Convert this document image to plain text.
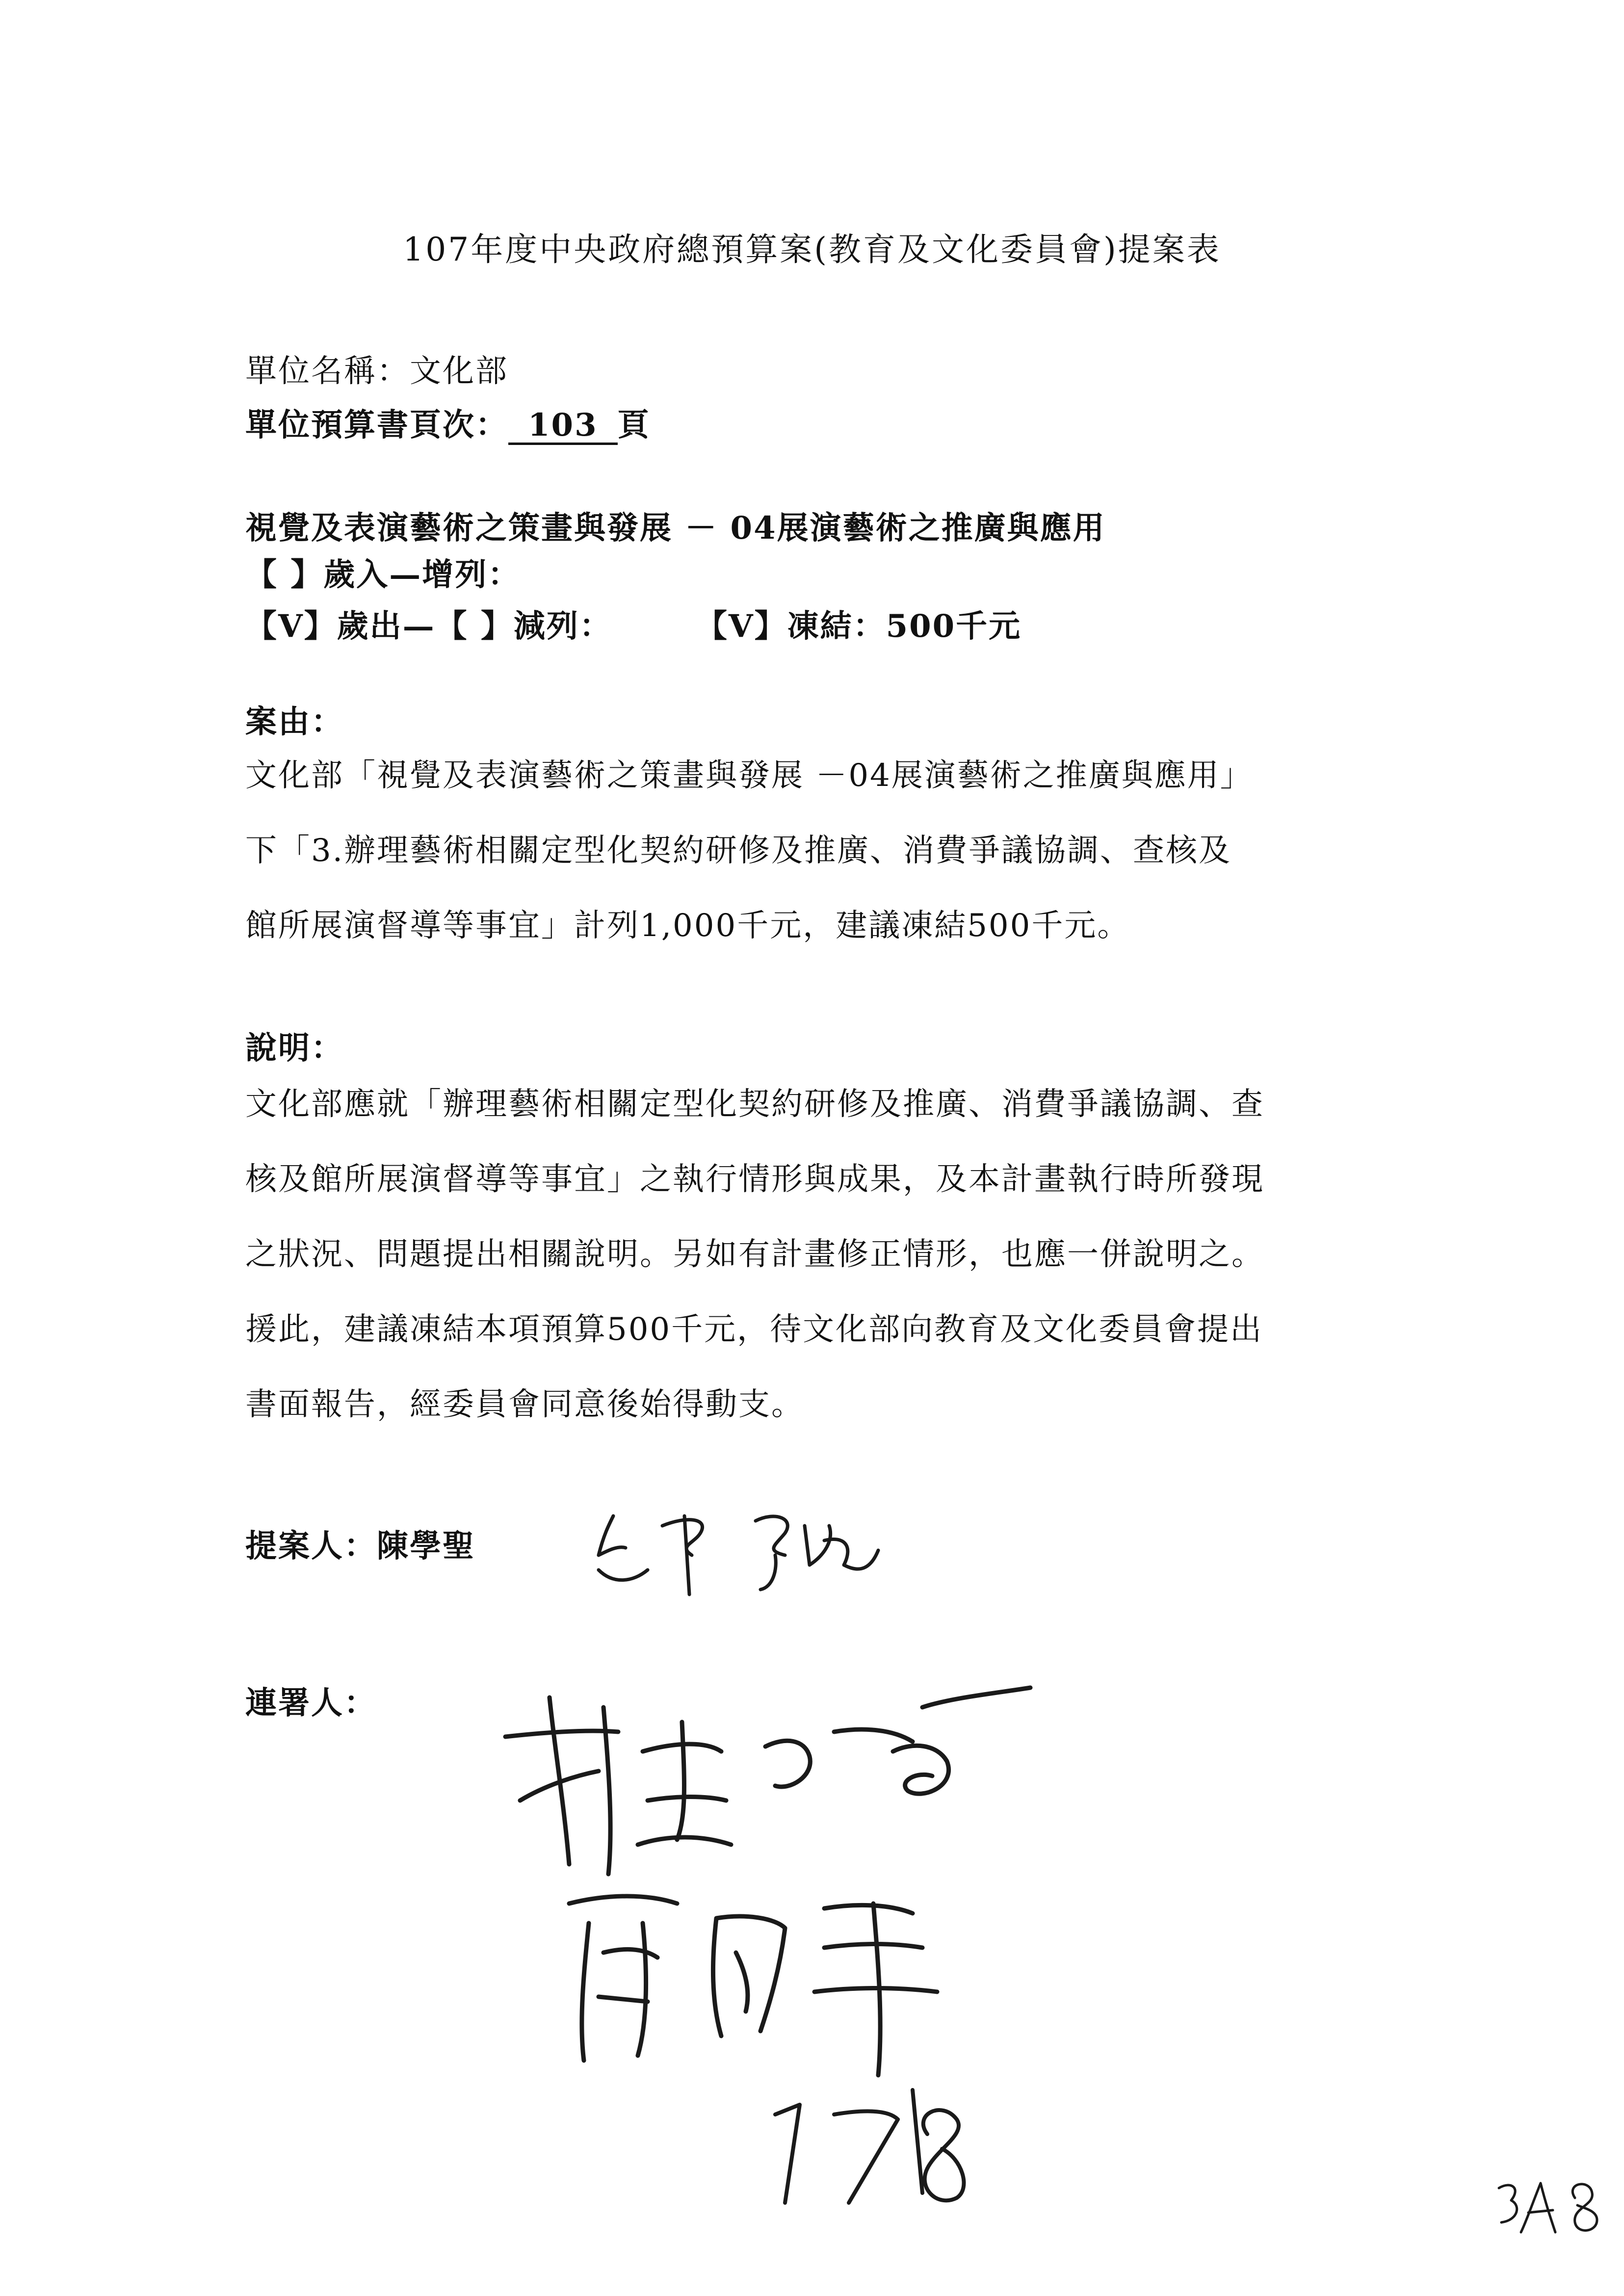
107年度中央政府總預算案(教育及文化委員會)提案表
單位名稱：文化部
單位預算書頁次： 103 頁
視覺及表演藝術之策畫與發展 － 04展演藝術之推廣與應用
【 】歲入—增列：
【V】歲出—【 】減列：	【V】凍結：500千元
案由：
文化部「視覺及表演藝術之策畫與發展 －04展演藝術之推廣與應用」
下「3.辦理藝術相關定型化契約研修及推廣、消費爭議協調、查核及
館所展演督導等事宜」計列1,000千元，建議凍結500千元。
說明：
文化部應就「辦理藝術相關定型化契約研修及推廣、消費爭議協調、查
核及館所展演督導等事宜」之執行情形與成果，及本計畫執行時所發現
之狀況、問題提出相關說明。另如有計畫修正情形，也應一併說明之。
援此，建議凍結本項預算500千元，待文化部向教育及文化委員會提出
書面報告，經委員會同意後始得動支。
提案人：陳學聖
連署人：
